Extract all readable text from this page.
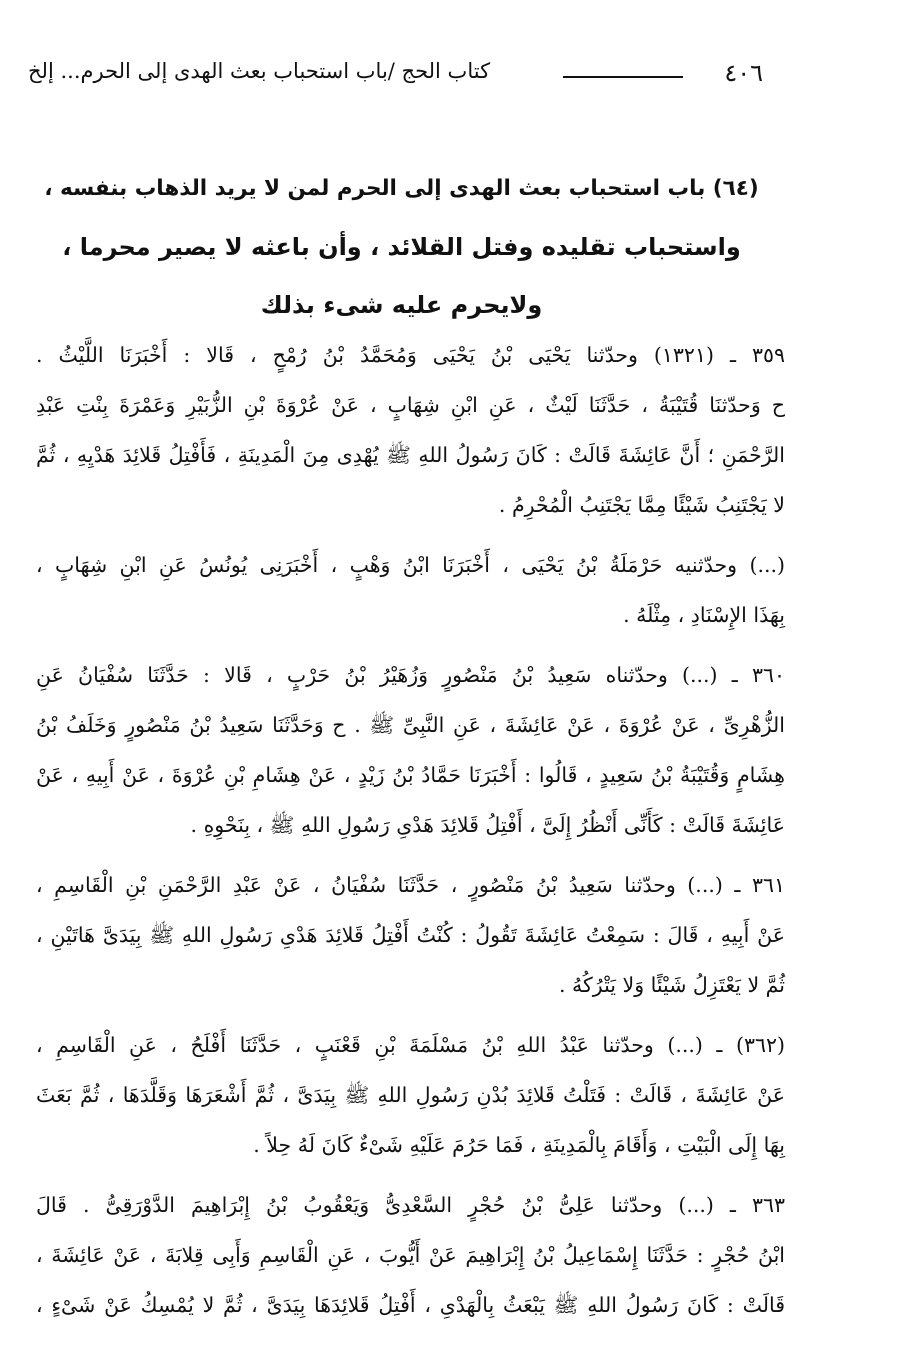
٤٠٦
كتاب الحج /باب استحباب بعث الهدى إلى الحرم... إلخ
(٦٤) باب استحباب بعث الهدى إلى الحرم لمن لا يريد الذهاب بنفسه ،
واستحباب تقليده وفتل القلائد ، وأن باعثه لا يصير محرما ،
ولايحرم عليه شىء بذلك
٣٥٩ ـ (١٣٢١) وحدّثنا يَحْيَى بْنُ يَحْيَى وَمُحَمَّدُ بْنُ رُمْحٍ ، قَالا : أَخْبَرَنَا اللَّيْثُ .
ح وَحدّثنَا قُتَيْبَةُ ، حَدَّثَنَا لَيْثٌ ، عَنِ ابْنِ شِهَابٍ ، عَنْ عُرْوَةَ بْنِ الزُّبَيْرِ وَعَمْرَةَ بِنْتِ عَبْدِ
الرَّحْمَنِ ؛ أَنَّ عَائِشَةَ قَالَتْ : كَانَ رَسُولُ اللهِ ﷺ يُهْدِى مِنَ الْمَدِينَةِ ، فَأَفْتِلُ قَلائِدَ هَدْيِهِ ، ثُمَّ
لا يَجْتَنِبُ شَيْئًا مِمَّا يَجْتَنِبُ الْمُحْرِمُ .
(...) وحدّثنيه حَرْمَلَةُ بْنُ يَحْيَى ، أَخْبَرَنَا ابْنُ وَهْبٍ ، أَخْبَرَنِى يُونُسُ عَنِ ابْنِ شِهَابٍ ،
بِهَذَا الإِسْنَادِ ، مِثْلَهُ .
٣٦٠ ـ (...) وحدّثناه سَعِيدُ بْنُ مَنْصُورٍ وَزُهَيْرُ بْنُ حَرْبٍ ، قَالا : حَدَّثَنَا سُفْيَانُ عَنِ
الزُّهْرِىِّ ، عَنْ عُرْوَةَ ، عَنْ عَائِشَةَ ، عَنِ النَّبِىِّ ﷺ . ح وَحَدَّثَنَا سَعِيدُ بْنُ مَنْصُورٍ وَخَلَفُ بْنُ
هِشَامٍ وَقُتَيْبَةُ بْنُ سَعِيدٍ ، قَالُوا : أَخْبَرَنَا حَمَّادُ بْنُ زَيْدٍ ، عَنْ هِشَامِ بْنِ عُرْوَةَ ، عَنْ أَبِيهِ ، عَنْ
عَائِشَةَ قَالَتْ : كَأَنِّى أَنْظُرُ إِلَىَّ ، أَفْتِلُ قَلائِدَ هَدْىِ رَسُولِ اللهِ ﷺ ، بِنَحْوِهِ .
٣٦١ ـ (...) وحدّثنا سَعِيدُ بْنُ مَنْصُورٍ ، حَدَّثَنَا سُفْيَانُ ، عَنْ عَبْدِ الرَّحْمَنِ بْنِ الْقَاسِمِ ،
عَنْ أَبِيهِ ، قَالَ : سَمِعْتُ عَائِشَةَ تَقُولُ : كُنْتُ أَفْتِلُ قَلائِدَ هَدْىِ رَسُولِ اللهِ ﷺ بِيَدَىَّ هَاتَيْنِ ،
ثُمَّ لا يَعْتَزِلُ شَيْئًا وَلا يَتْرُكُهُ .
(٣٦٢) ـ (...) وحدّثنا عَبْدُ اللهِ بْنُ مَسْلَمَةَ بْنِ قَعْنَبٍ ، حَدَّثَنَا أَفْلَحُ ، عَنِ الْقَاسِمِ ،
عَنْ عَائِشَةَ ، قَالَتْ : فَتَلْتُ قَلائِدَ بُدْنِ رَسُولِ اللهِ ﷺ بِيَدَىَّ ، ثُمَّ أَشْعَرَهَا وَقَلَّدَهَا ، ثُمَّ بَعَثَ
بِهَا إِلَى الْبَيْتِ ، وَأَقَامَ بِالْمَدِينَةِ ، فَمَا حَرُمَ عَلَيْهِ شَىْءٌ كَانَ لَهُ حِلاً .
٣٦٣ ـ (...) وحدّثنا عَلِىُّ بْنُ حُجْرٍ السَّعْدِىُّ وَيَعْقُوبُ بْنُ إِبْرَاهِيمَ الدَّوْرَقِىُّ . قَالَ
ابْنُ حُجْرٍ : حَدَّثَنَا إِسْمَاعِيلُ بْنُ إِبْرَاهِيمَ عَنْ أَيُّوبَ ، عَنِ الْقَاسِمِ وَأَبِى قِلابَةَ ، عَنْ عَائِشَةَ ،
قَالَتْ : كَانَ رَسُولُ اللهِ ﷺ يَبْعَثُ بِالْهَدْىِ ، أَفْتِلُ قَلائِدَهَا بِيَدَىَّ ، ثُمَّ لا يُمْسِكُ عَنْ شَىْءٍ ،
